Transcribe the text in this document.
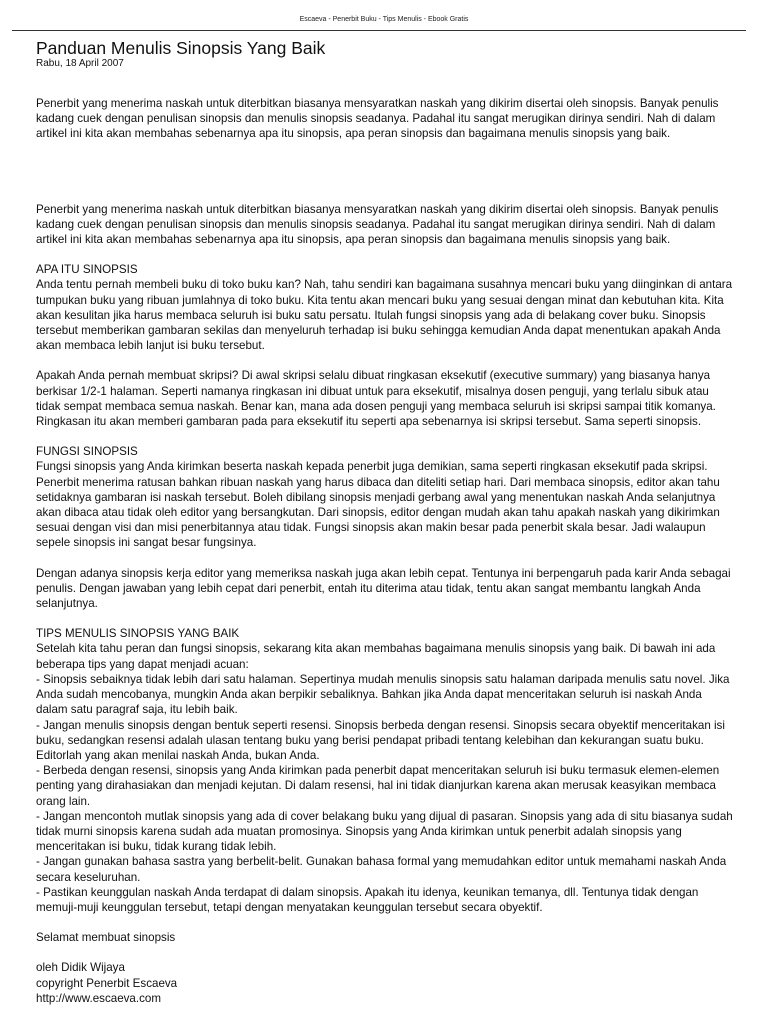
Escaeva - Penerbit Buku - Tips Menulis - Ebook Gratis
Panduan Menulis Sinopsis Yang Baik

Rabu, 18 April 2007

Penerbit yang menerima naskah untuk diterbitkan biasanya mensyaratkan naskah yang dikirim disertai oleh sinopsis. Banyak penulis kadang cuek dengan penulisan sinopsis dan menulis sinopsis seadanya. Padahal itu sangat merugikan dirinya sendiri. Nah di dalam artikel ini kita akan membahas sebenarnya apa itu sinopsis, apa peran sinopsis dan bagaimana menulis sinopsis yang baik.

Penerbit yang menerima naskah untuk diterbitkan biasanya mensyaratkan naskah yang dikirim disertai oleh sinopsis. Banyak penulis kadang cuek dengan penulisan sinopsis dan menulis sinopsis seadanya. Padahal itu sangat merugikan dirinya sendiri. Nah di dalam artikel ini kita akan membahas sebenarnya apa itu sinopsis, apa peran sinopsis dan bagaimana menulis sinopsis yang baik.

APA ITU SINOPSIS

Anda tentu pernah membeli buku di toko buku kan? Nah, tahu sendiri kan bagaimana susahnya mencari buku yang diinginkan di antara tumpukan buku yang ribuan jumlahnya di toko buku. Kita tentu akan mencari buku yang sesuai dengan minat dan kebutuhan kita. Kita akan kesulitan jika harus membaca seluruh isi buku satu persatu. Itulah fungsi sinopsis yang ada di belakang cover buku. Sinopsis tersebut memberikan gambaran sekilas dan menyeluruh terhadap isi buku sehingga kemudian Anda dapat menentukan apakah Anda akan membaca lebih lanjut isi buku tersebut.

Apakah Anda pernah membuat skripsi? Di awal skripsi selalu dibuat ringkasan eksekutif (executive summary) yang biasanya hanya berkisar 1/2-1 halaman. Seperti namanya ringkasan ini dibuat untuk para eksekutif, misalnya dosen penguji, yang terlalu sibuk atau tidak sempat membaca semua naskah. Benar kan, mana ada dosen penguji yang membaca seluruh isi skripsi sampai titik komanya. Ringkasan itu akan memberi gambaran pada para eksekutif itu seperti apa sebenarnya isi skripsi tersebut. Sama seperti sinopsis.

FUNGSI SINOPSIS

Fungsi sinopsis yang Anda kirimkan beserta naskah kepada penerbit juga demikian, sama seperti ringkasan eksekutif pada skripsi. Penerbit menerima ratusan bahkan ribuan naskah yang harus dibaca dan diteliti setiap hari. Dari membaca sinopsis, editor akan tahu setidaknya gambaran isi naskah tersebut. Boleh dibilang sinopsis menjadi gerbang awal yang menentukan naskah Anda selanjutnya akan dibaca atau tidak oleh editor yang bersangkutan. Dari sinopsis, editor dengan mudah akan tahu apakah naskah yang dikirimkan sesuai dengan visi dan misi penerbitannya atau tidak. Fungsi sinopsis akan makin besar pada penerbit skala besar. Jadi walaupun sepele sinopsis ini sangat besar fungsinya.

Dengan adanya sinopsis kerja editor yang memeriksa naskah juga akan lebih cepat. Tentunya ini berpengaruh pada karir Anda sebagai penulis. Dengan jawaban yang lebih cepat dari penerbit, entah itu diterima atau tidak, tentu akan sangat membantu langkah Anda selanjutnya.

TIPS MENULIS SINOPSIS YANG BAIK

Setelah kita tahu peran dan fungsi sinopsis, sekarang kita akan membahas bagaimana menulis sinopsis yang baik. Di bawah ini ada beberapa tips yang dapat menjadi acuan:

- Sinopsis sebaiknya tidak lebih dari satu halaman. Sepertinya mudah menulis sinopsis satu halaman daripada menulis satu novel. Jika Anda sudah mencobanya, mungkin Anda akan berpikir sebaliknya. Bahkan jika Anda dapat menceritakan seluruh isi naskah Anda dalam satu paragraf saja, itu lebih baik.

- Jangan menulis sinopsis dengan bentuk seperti resensi. Sinopsis berbeda dengan resensi. Sinopsis secara obyektif menceritakan isi buku, sedangkan resensi adalah ulasan tentang buku yang berisi pendapat pribadi tentang kelebihan dan kekurangan suatu buku. Editorlah yang akan menilai naskah Anda, bukan Anda.

- Berbeda dengan resensi, sinopsis yang Anda kirimkan pada penerbit dapat menceritakan seluruh isi buku termasuk elemen-elemen penting yang dirahasiakan dan menjadi kejutan. Di dalam resensi, hal ini tidak dianjurkan karena akan merusak keasyikan membaca orang lain.

- Jangan mencontoh mutlak sinopsis yang ada di cover belakang buku yang dijual di pasaran. Sinopsis yang ada di situ biasanya sudah tidak murni sinopsis karena sudah ada muatan promosinya. Sinopsis yang Anda kirimkan untuk penerbit adalah sinopsis yang menceritakan isi buku, tidak kurang tidak lebih.

- Jangan gunakan bahasa sastra yang berbelit-belit. Gunakan bahasa formal yang memudahkan editor untuk memahami naskah Anda secara keseluruhan.

- Pastikan keunggulan naskah Anda terdapat di dalam sinopsis. Apakah itu idenya, keunikan temanya, dll. Tentunya tidak dengan memuji-muji keunggulan tersebut, tetapi dengan menyatakan keunggulan tersebut secara obyektif.

Selamat membuat sinopsis

oleh Didik Wijaya

copyright Penerbit Escaeva

http://www.escaeva.com
